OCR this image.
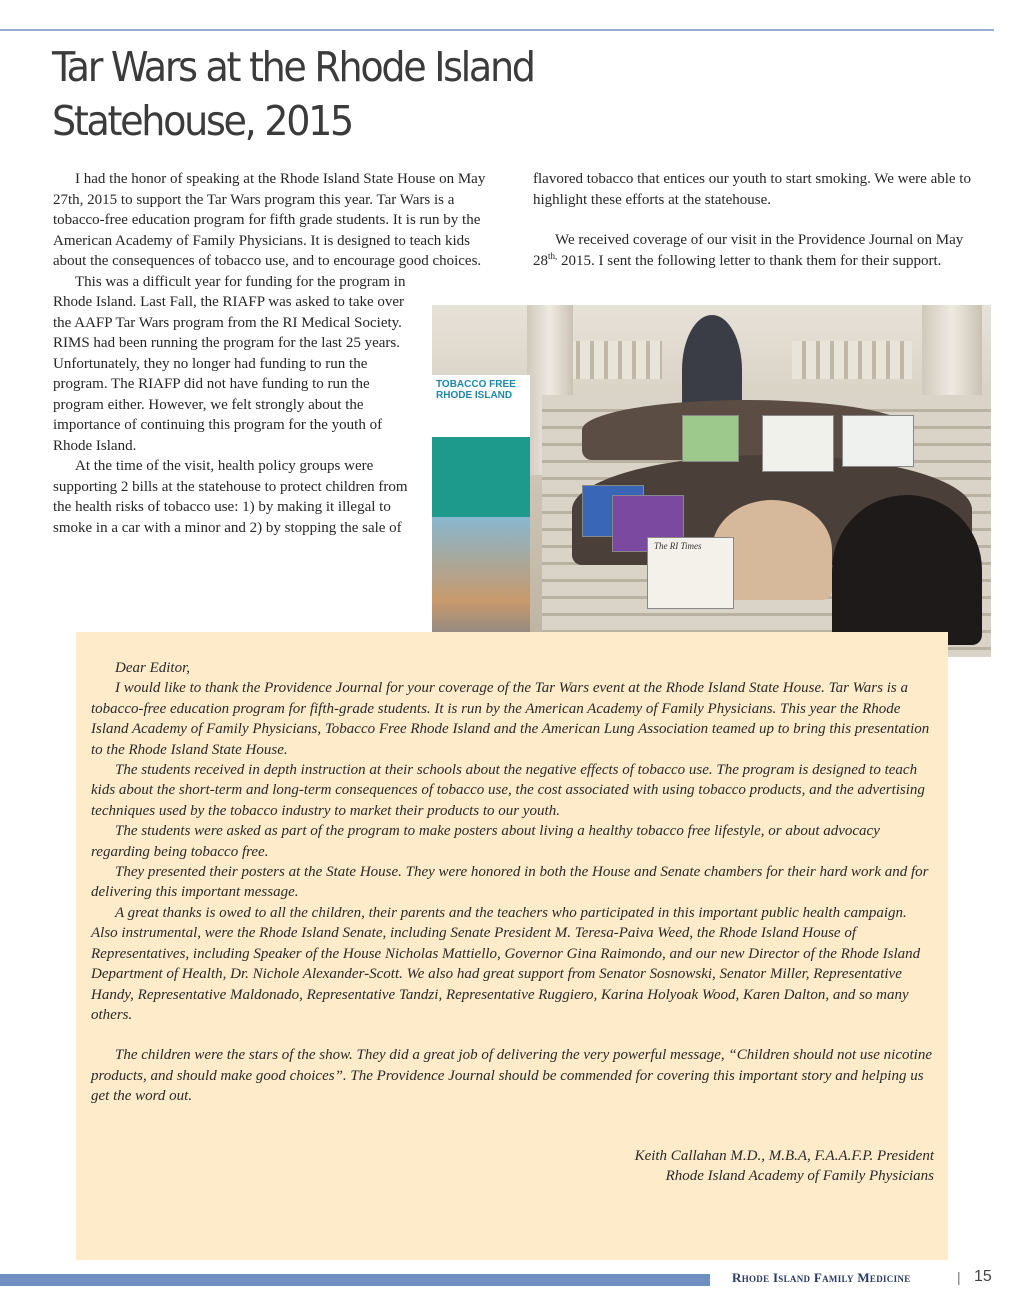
Tar Wars at the Rhode Island Statehouse, 2015

I had the honor of speaking at the Rhode Island State House on May 27th, 2015 to support the Tar Wars program this year. Tar Wars is a tobacco-free education program for fifth grade students. It is run by the American Academy of Family Physicians. It is designed to teach kids about the consequences of tobacco use, and to encourage good choices.

This was a difficult year for funding for the program in Rhode Island. Last Fall, the RIAFP was asked to take over the AAFP Tar Wars program from the RI Medical Society. RIMS had been running the program for the last 25 years. Unfortunately, they no longer had funding to run the program. The RIAFP did not have funding to run the program either. However, we felt strongly about the importance of continuing this program for the youth of Rhode Island.

At the time of the visit, health policy groups were supporting 2 bills at the statehouse to protect children from the health risks of tobacco use: 1) by making it illegal to smoke in a car with a minor and 2) by stopping the sale of

flavored tobacco that entices our youth to start smoking. We were able to highlight these efforts at the statehouse.

We received coverage of our visit in the Providence Journal on May $28^{th,}$ 2015. I sent the following letter to thank them for their support.

The RI Times
TOBACCO FREE RHODE ISLAND

Dear Editor,

I would like to thank the Providence Journal for your coverage of the Tar Wars event at the Rhode Island State House. Tar Wars is a tobacco-free education program for fifth-grade students. It is run by the American Academy of Family Physicians. This year the Rhode Island Academy of Family Physicians, Tobacco Free Rhode Island and the American Lung Association teamed up to bring this presentation to the Rhode Island State House.

The students received in depth instruction at their schools about the negative effects of tobacco use. The program is designed to teach kids about the short-term and long-term consequences of tobacco use, the cost associated with using tobacco products, and the advertising techniques used by the tobacco industry to market their products to our youth.

The students were asked as part of the program to make posters about living a healthy tobacco free lifestyle, or about advocacy regarding being tobacco free.

They presented their posters at the State House. They were honored in both the House and Senate chambers for their hard work and for delivering this important message.

A great thanks is owed to all the children, their parents and the teachers who participated in this important public health campaign. Also instrumental, were the Rhode Island Senate, including Senate President M. Teresa-Paiva Weed, the Rhode Island House of Representatives, including Speaker of the House Nicholas Mattiello, Governor Gina Raimondo, and our new Director of the Rhode Island Department of Health, Dr. Nichole Alexander-Scott. We also had great support from Senator Sosnowski, Senator Miller, Representative Handy, Representative Maldonado, Representative Tandzi, Representative Ruggiero, Karina Holyoak Wood, Karen Dalton, and so many others.

The children were the stars of the show. They did a great job of delivering the very powerful message, “Children should not use nicotine products, and should make good choices”. The Providence Journal should be commended for covering this important story and helping us get the word out.

Keith Callahan M.D., M.B.A, F.A.A.F.P. President
Rhode Island Academy of Family Physicians
Rhode Island Family Medicine	| 15
